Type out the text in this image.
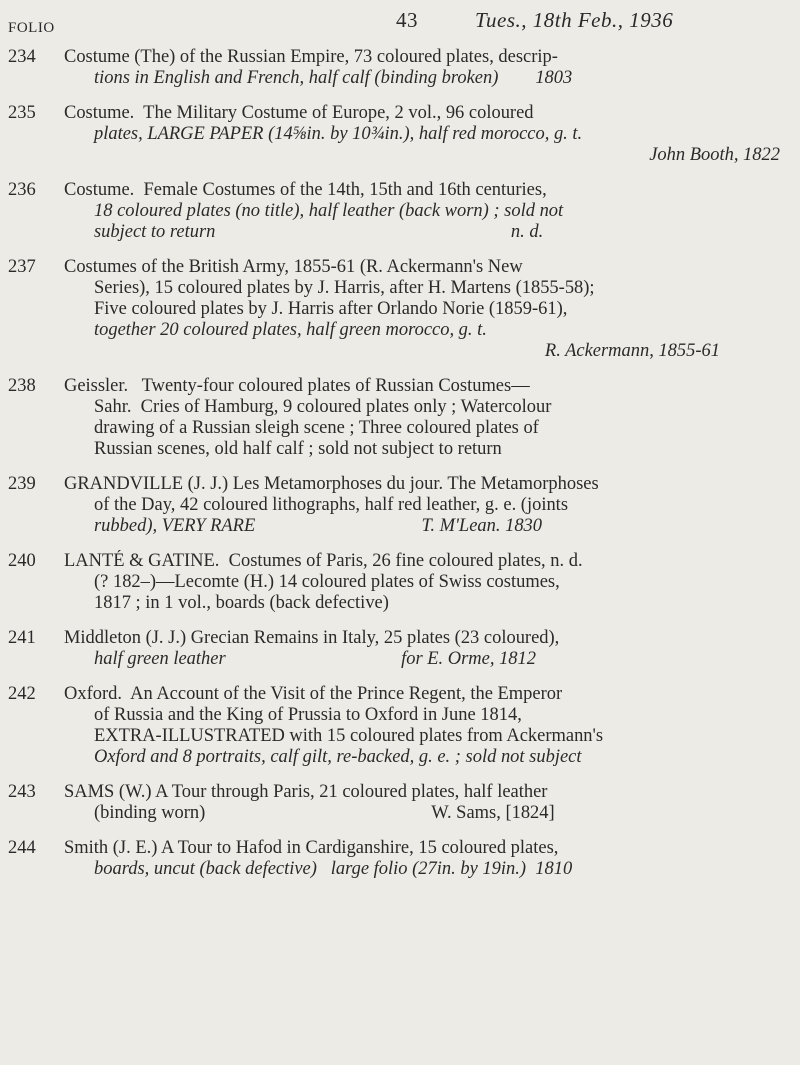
FOLIO	43	Tues., 18th Feb., 1936
234	Costume (The) of the Russian Empire, 73 coloured plates, descrip-
tions in English and French, half calf (binding broken)        1803
235	Costume.  The Military Costume of Europe, 2 vol., 96 coloured
plates, LARGE PAPER (14⅝in. by 10¾in.), half red morocco, g. t.
John Booth, 1822
236	Costume.  Female Costumes of the 14th, 15th and 16th centuries,
18 coloured plates (no title), half leather (back worn) ; sold not
subject to return                                                                n. d.
237	Costumes of the British Army, 1855-61 (R. Ackermann's New
Series), 15 coloured plates by J. Harris, after H. Martens (1855-58);
Five coloured plates by J. Harris after Orlando Norie (1859-61),
together 20 coloured plates, half green morocco, g. t.
R. Ackermann, 1855-61
238	Geissler.   Twenty-four coloured plates of Russian Costumes—
Sahr.  Cries of Hamburg, 9 coloured plates only ; Watercolour
drawing of a Russian sleigh scene ; Three coloured plates of
Russian scenes, old half calf ; sold not subject to return
239	GRANDVILLE (J. J.) Les Metamorphoses du jour. The Metamorphoses
of the Day, 42 coloured lithographs, half red leather, g. e. (joints
rubbed), VERY RARE                                    T. M'Lean. 1830
240	LANTÉ & GATINE.  Costumes of Paris, 26 fine coloured plates, n. d.
(? 182–)—Lecomte (H.) 14 coloured plates of Swiss costumes,
1817 ; in 1 vol., boards (back defective)
241	Middleton (J. J.) Grecian Remains in Italy, 25 plates (23 coloured),
half green leather                                      for E. Orme, 1812
242	Oxford.  An Account of the Visit of the Prince Regent, the Emperor
of Russia and the King of Prussia to Oxford in June 1814,
EXTRA-ILLUSTRATED with 15 coloured plates from Ackermann's
Oxford and 8 portraits, calf gilt, re-backed, g. e. ; sold not subject
243	SAMS (W.) A Tour through Paris, 21 coloured plates, half leather
(binding worn)                                                 W. Sams, [1824]
244	Smith (J. E.) A Tour to Hafod in Cardiganshire, 15 coloured plates,
boards, uncut (back defective)   large folio (27in. by 19in.)  1810
